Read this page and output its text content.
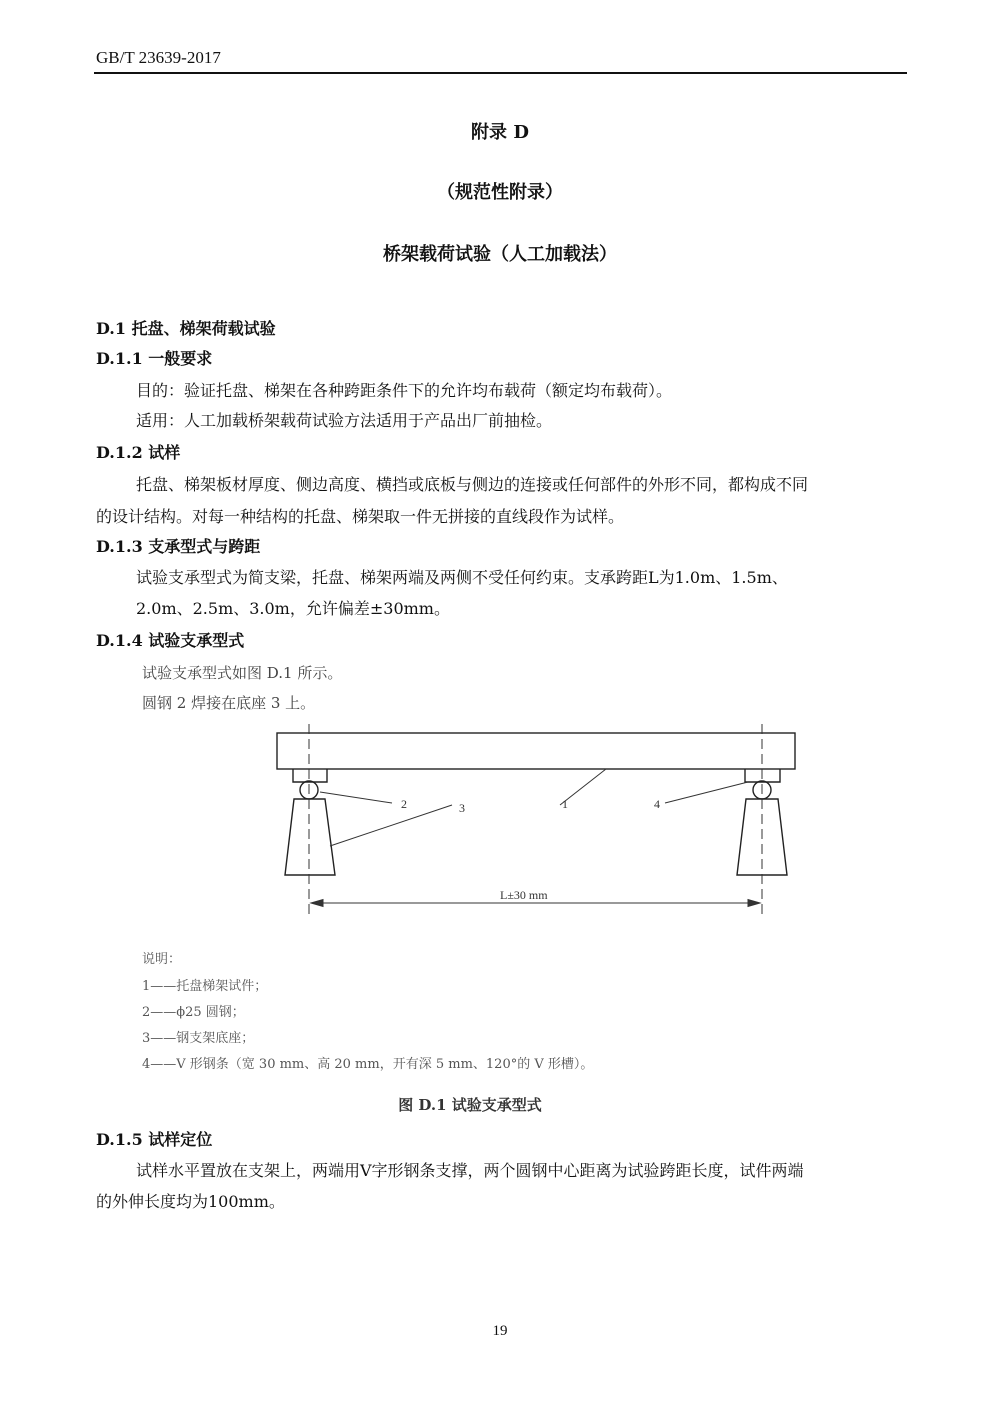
GB/T 23639-2017
附录 D
（规范性附录）
桥架载荷试验（人工加载法）
D.1 托盘、梯架荷载试验
D.1.1 一般要求
目的：验证托盘、梯架在各种跨距条件下的允许均布载荷（额定均布载荷）。
适用：人工加载桥架载荷试验方法适用于产品出厂前抽检。
D.1.2 试样
托盘、梯架板材厚度、侧边高度、横挡或底板与侧边的连接或任何部件的外形不同，都构成不同
的设计结构。对每一种结构的托盘、梯架取一件无拼接的直线段作为试样。
D.1.3 支承型式与跨距
试验支承型式为简支梁，托盘、梯架两端及两侧不受任何约束。支承跨距L为1.0m、1.5m、
2.0m、2.5m、3.0m，允许偏差±30mm。
D.1.4 试验支承型式
试验支承型式如图 D.1 所示。
圆钢 2 焊接在底座 3 上。
2	3	1	4
L±30 mm
说明：
1——托盘梯架试件；
2——ϕ25 圆钢；
3——钢支架底座；
4——V 形钢条（宽 30 mm、高 20 mm，开有深 5 mm、120°的 V 形槽）。
图 D.1 试验支承型式
D.1.5 试样定位
试样水平置放在支架上，两端用V字形钢条支撑，两个圆钢中心距离为试验跨距长度，试件两端
的外伸长度均为100mm。
19
